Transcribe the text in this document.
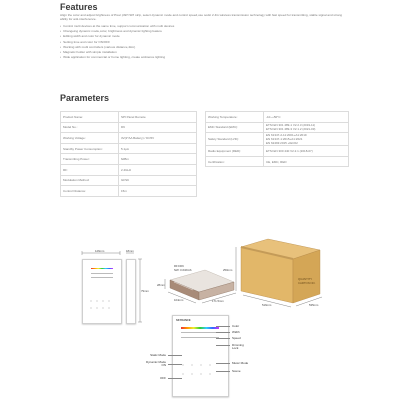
Features
Align the color and adjust brightness of Pixel pSPI SPI strip, select dynamic mode and control speed,use sodic 2.4G wireless transmission technology with fast speed for transmitting, stable signal and strong ability for anti-interference.
• Control multi devices at the same time, support communication with multi devices
• Changeing dynamic mode,color, brightness and dynamic lighting feature
• Editing width and color for dynamic mode
• Setting time and color for ON/OFF
• Working with multi controllers (various distance,4km)
• Magnetic holder with simple installation
• Wide application for commercial or home lighting, create ambience lighting
Parameters
Product Name:	SPI Panel Remote
Model No.:	D9
Working Voltage:	3V(2*AA Battery) / DC5V
Standby Power Consumption:	5.1μA
Transmitting Power:	6dBm
RF:	2.4GHz
Modulation Method:	GFSK
Control Distance:	15m
Working Temperature:	-10~+50°C

EMC Standard (EMC):	ETSI EN 301 489-1 V2.2.3 (2019-11)
ETSI EN 301 489-3 V2.1.2 (2021-03)

Safety Standard (LVD):	EN 61347-2-11:2001+A1:2019
EN 61347-1:2015+A1:2021
EN 62493:2015 +IEC62

Radio Equipment (RED):	ETSI EN 300 440 V2.2.1 (2018-07)

Certification:	CE, EMC, RED
126mm	18mm
79mm
RF:D09
NW: 0.64KGS
28mm
104mm	171.5mm
QUANTITY
CARTON NO.
250mm
516mm	535mm
SKYDANCE
Color
Width
Speed
Dimming Lock
Music Mode
Scene
Static Mode
Dynamic Mode ON
OFF
